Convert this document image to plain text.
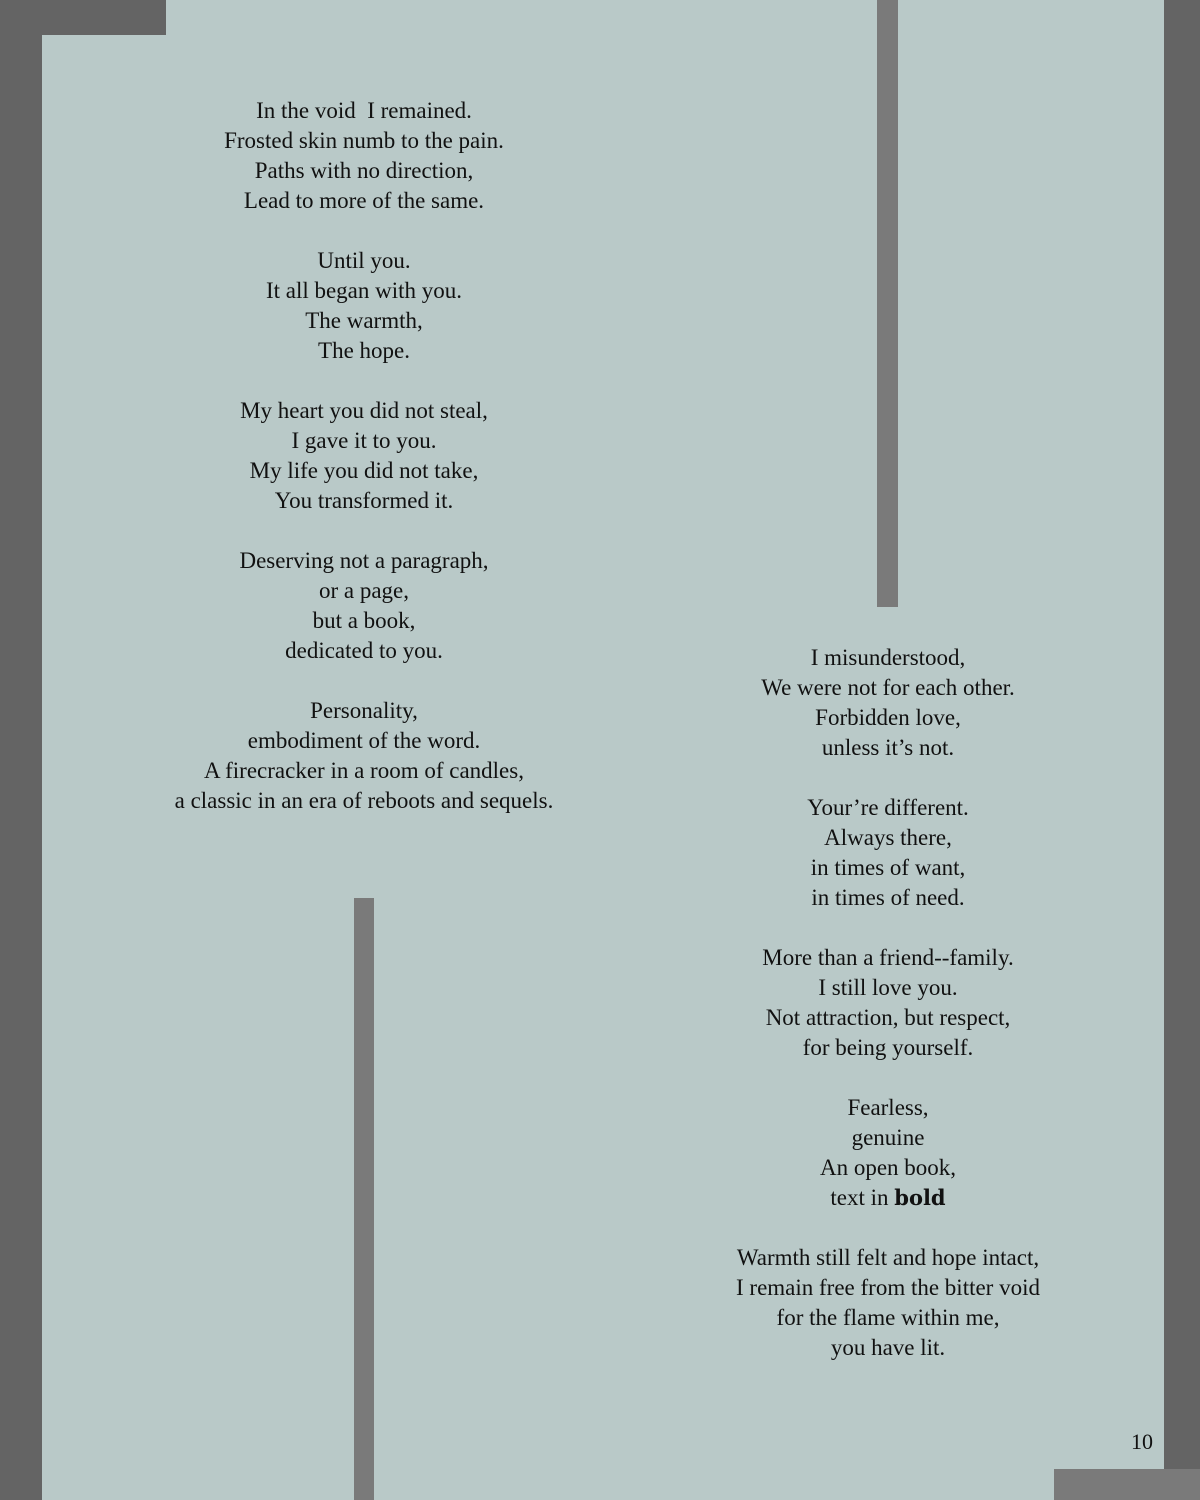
In the void  I remained.
Frosted skin numb to the pain.
Paths with no direction,
Lead to more of the same.
Until you.
It all began with you.
The warmth,
The hope.
My heart you did not steal,
I gave it to you.
My life you did not take,
You transformed it.
Deserving not a paragraph,
or a page,
but a book,
dedicated to you.
Personality,
embodiment of the word.
A firecracker in a room of candles,
a classic in an era of reboots and sequels.
I misunderstood,
We were not for each other.
Forbidden love,
unless it’s not.
Your’re different.
Always there,
in times of want,
in times of need.
More than a friend--family.
I still love you.
Not attraction, but respect,
for being yourself.
Fearless,
genuine
An open book,
text in bold
Warmth still felt and hope intact,
I remain free from the bitter void
for the flame within me,
you have lit.
10
